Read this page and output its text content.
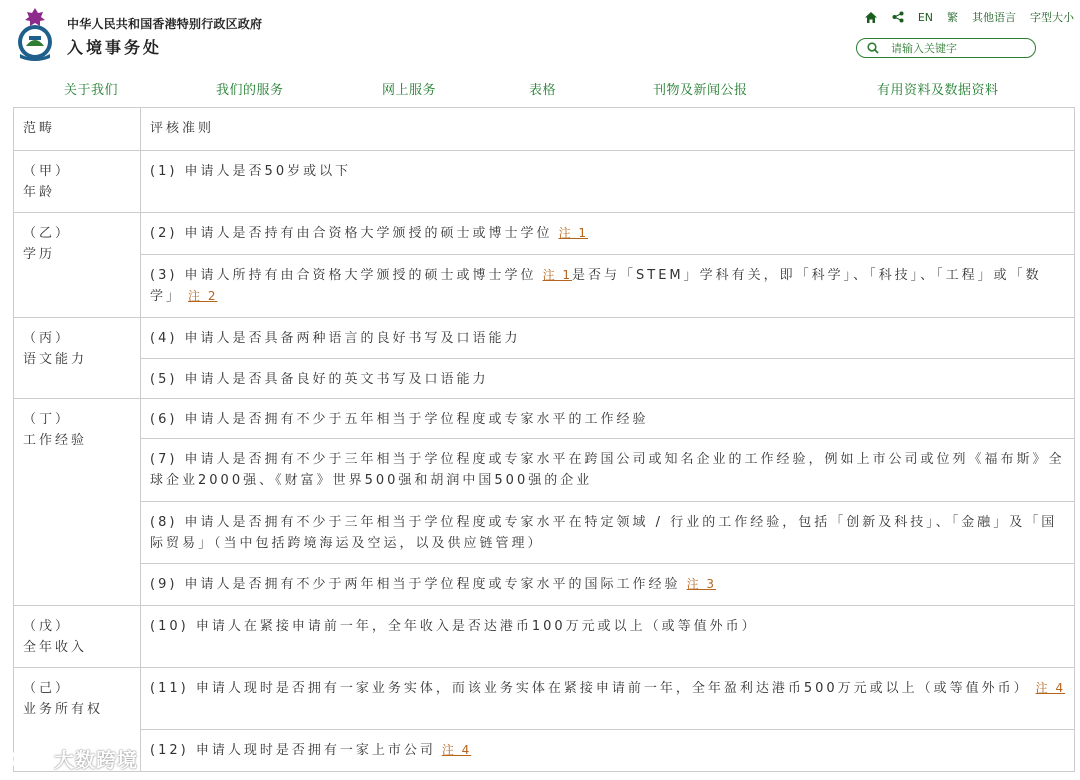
中华人民共和国香港特别行政区政府
入境事务处
EN 繁 其他语言 字型大小
请输入关键字
关于我们	我们的服务	网上服务	表格	刊物及新闻公报	有用资料及数据资料
范畴	评核准则

（甲）
年龄	(1) 申请人是否50岁或以下

（乙）
学历	(2) 申请人是否持有由合资格大学颁授的硕士或博士学位 注 1
	(3) 申请人所持有由合资格大学颁授的硕士或博士学位 注 1是否与「STEM」学科有关，即「科学」、「科技」、「工程」或「数学」 注 2

（丙）
语文能力	(4) 申请人是否具备两种语言的良好书写及口语能力
	(5) 申请人是否具备良好的英文书写及口语能力

（丁）
工作经验	(6) 申请人是否拥有不少于五年相当于学位程度或专家水平的工作经验
	(7) 申请人是否拥有不少于三年相当于学位程度或专家水平在跨国公司或知名企业的工作经验，例如上市公司或位列《福布斯》全球企业2000强、《财富》世界500强和胡润中国500强的企业
	(8) 申请人是否拥有不少于三年相当于学位程度或专家水平在特定领域 / 行业的工作经验，包括「创新及科技」、「金融」及「国际贸易」（当中包括跨境海运及空运，以及供应链管理）
	(9) 申请人是否拥有不少于两年相当于学位程度或专家水平的国际工作经验 注 3

（戊）
全年收入	(10) 申请人在紧接申请前一年，全年收入是否达港币100万元或以上（或等值外币）

（己）
业务所有权	(11) 申请人现时是否拥有一家业务实体，而该业务实体在紧接申请前一年，全年盈利达港币500万元或以上（或等值外币） 注 4
	(12) 申请人现时是否拥有一家上市公司 注 4
大数跨境
